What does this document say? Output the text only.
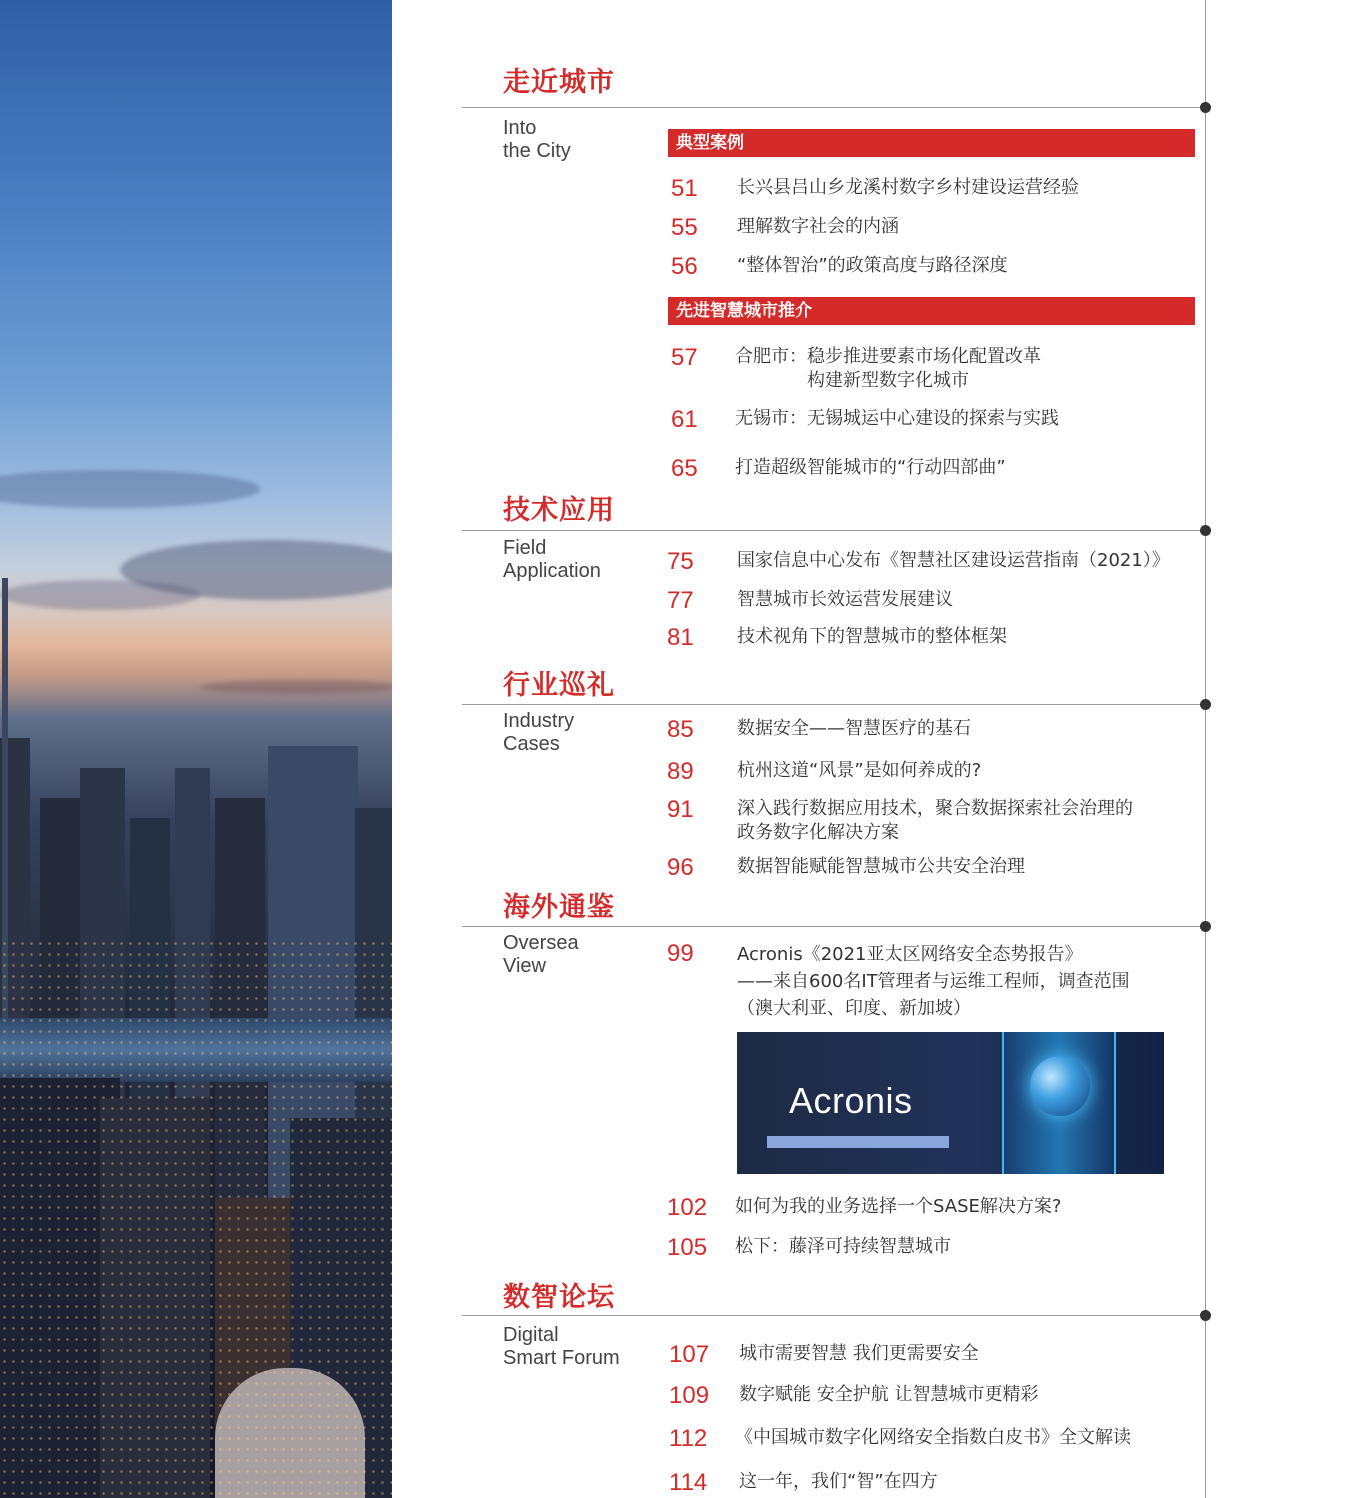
走近城市
Into
the City	典型案例
51 长兴县吕山乡龙溪村数字乡村建设运营经验
55 理解数字社会的内涵
56 “整体智治”的政策高度与路径深度
先进智慧城市推介
57 合肥市：稳步推进要素市场化配置改革
　　　　构建新型数字化城市
61 无锡市：无锡城运中心建设的探索与实践
65 打造超级智能城市的“行动四部曲”
技术应用
Field
Application	75 国家信息中心发布《智慧社区建设运营指南（2021）》
77 智慧城市长效运营发展建议
81 技术视角下的智慧城市的整体框架
行业巡礼
Industry
Cases
85 数据安全——智慧医疗的基石
89 杭州这道“风景”是如何养成的?
91 深入践行数据应用技术，聚合数据探索社会治理的
政务数字化解决方案
96 数据智能赋能智慧城市公共安全治理
海外通鉴
Oversea
View	99 Acronis《2021亚太区网络安全态势报告》
——来自600名IT管理者与运维工程师，调查范围
（澳大利亚、印度、新加坡）
Acronis
102 如何为我的业务选择一个SASE解决方案?
105 松下：藤泽可持续智慧城市
数智论坛
Digital
Smart Forum 107 城市需要智慧 我们更需要安全
109 数字赋能 安全护航 让智慧城市更精彩
112 《中国城市数字化网络安全指数白皮书》全文解读
114 这一年，我们“智”在四方
